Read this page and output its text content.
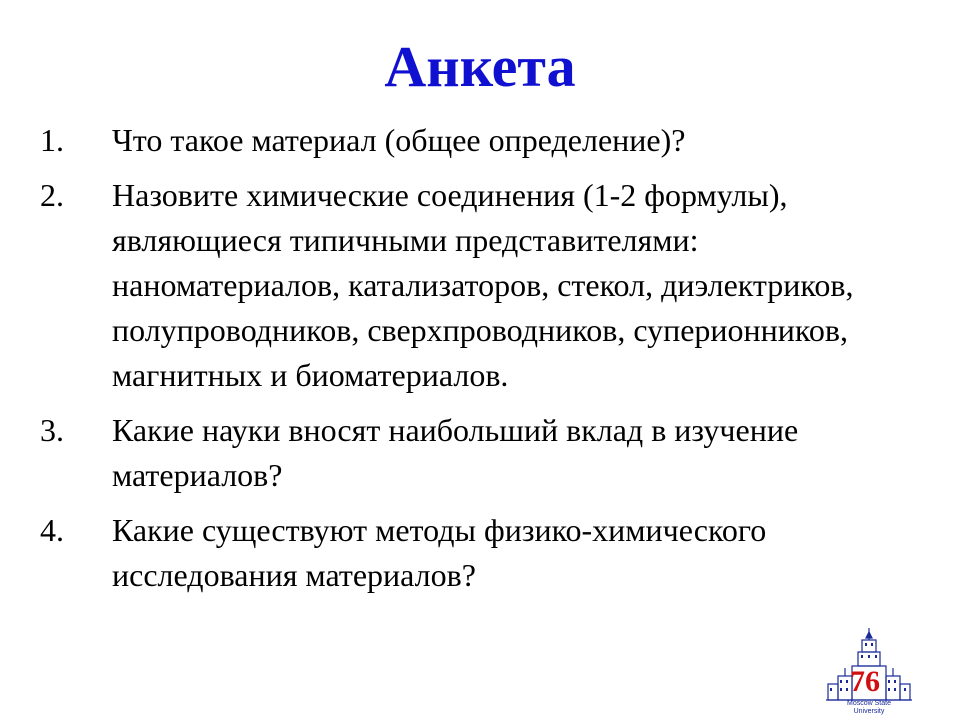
Анкета
1. Что такое материал (общее определение)?
2. Назовите химические соединения (1-2 формулы), являющиеся типичными представителями: наноматериалов, катализаторов, стекол, диэлектриков, полупроводников, сверхпроводников, суперионников, магнитных и биоматериалов.
3. Какие науки вносят наибольший вклад в изучение материалов?
4. Какие существуют методы физико-химического исследования материалов?
76
Moscow State
University
